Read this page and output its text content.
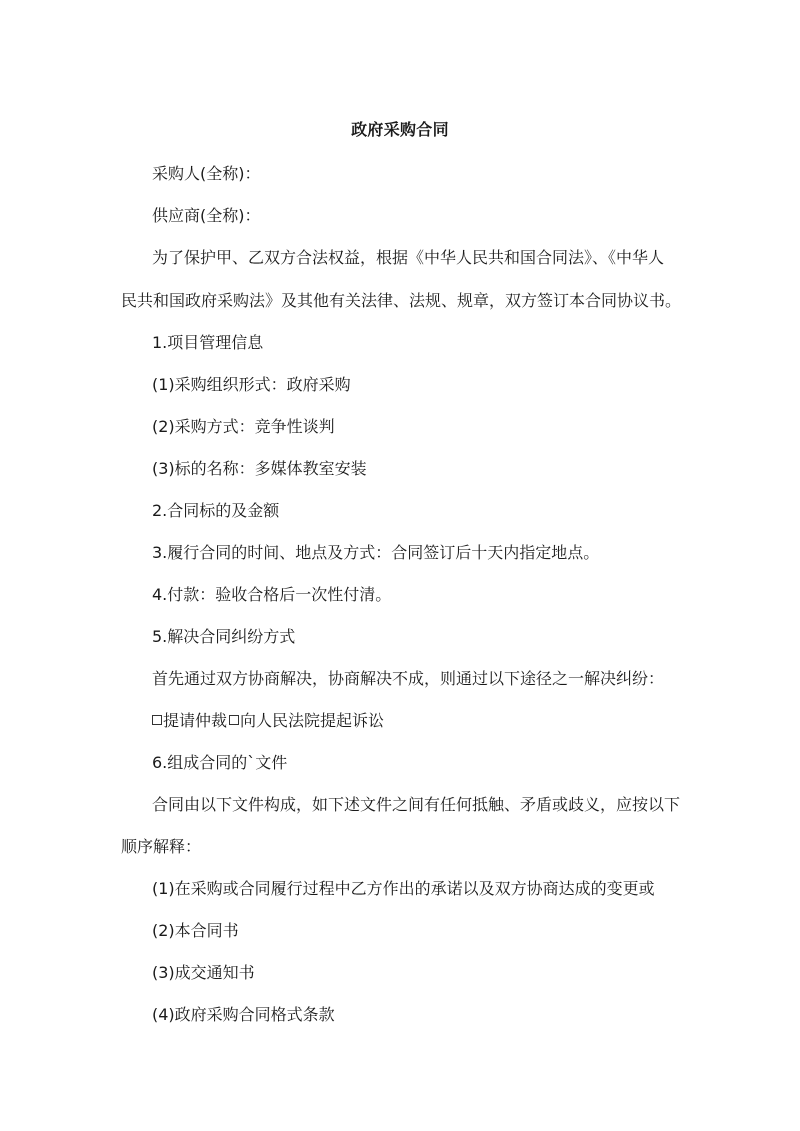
政府采购合同
采购人(全称)：
供应商(全称)：
为了保护甲、乙双方合法权益，根据《中华人民共和国合同法》、《中华人
民共和国政府采购法》及其他有关法律、法规、规章，双方签订本合同协议书。
1.项目管理信息
(1)采购组织形式：政府采购
(2)采购方式：竞争性谈判
(3)标的名称：多媒体教室安装
2.合同标的及金额
3.履行合同的时间、地点及方式：合同签订后十天内指定地点。
4.付款：验收合格后一次性付清。
5.解决合同纠纷方式
首先通过双方协商解决，协商解决不成，则通过以下途径之一解决纠纷：
提请仲裁 向人民法院提起诉讼
6.组成合同的`文件
合同由以下文件构成，如下述文件之间有任何抵触、矛盾或歧义，应按以下
顺序解释：
(1)在采购或合同履行过程中乙方作出的承诺以及双方协商达成的变更或
(2)本合同书
(3)成交通知书
(4)政府采购合同格式条款
